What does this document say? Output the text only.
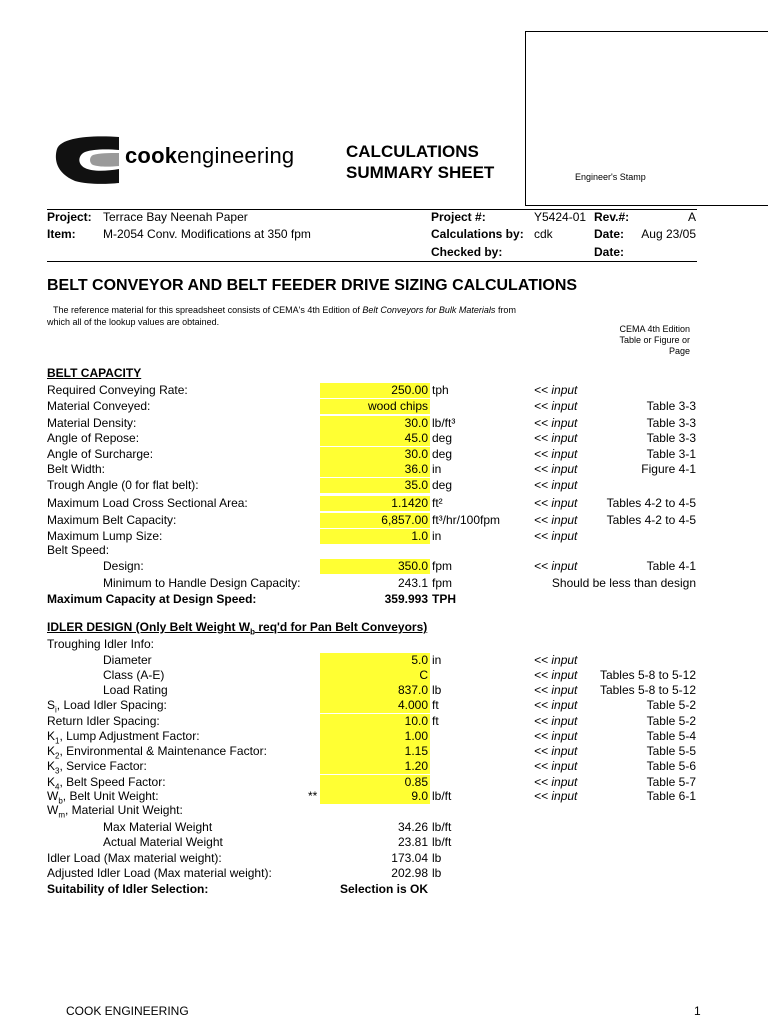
Engineer's Stamp
cookengineering	CALCULATIONS
SUMMARY SHEET
Project: Terrace Bay Neenah Paper
Item: M-2054 Conv. Modifications at 350 fpm
Project #:	Y5424-01 Rev.#:	A
Calculations by: cdk	Date: Aug 23/05
Checked by:	Date:
BELT CONVEYOR AND BELT FEEDER DRIVE SIZING CALCULATIONS
The reference material for this spreadsheet consists of CEMA's 4th Edition of Belt Conveyors for Bulk Materials from
which all of the lookup values are obtained.
CEMA 4th Edition
Table or Figure or
Page
BELT CAPACITY
Required Conveying Rate:	250.00 tph	<< input
Material Conveyed:	wood chips	<< input	Table 3-3
Material Density:	30.0 lb/ft³	<< input	Table 3-3
Angle of Repose:	45.0 deg	<< input	Table 3-3
Angle of Surcharge:	30.0 deg	<< input	Table 3-1
Belt Width:	36.0 in	<< input	Figure 4-1
Trough Angle (0 for flat belt):	35.0 deg	<< input
Maximum Load Cross Sectional Area:	1.1420 ft²	<< input Tables 4-2 to 4-5
Maximum Belt Capacity:	6,857.00 ft³/hr/100fpm	<< input Tables 4-2 to 4-5
Maximum Lump Size:	1.0 in	<< input
Belt Speed:
Design:	350.0 fpm	<< input	Table 4-1
Minimum to Handle Design Capacity:	243.1 fpm	Should be less than design
Maximum Capacity at Design Speed:	359.993 TPH
IDLER DESIGN (Only Belt Weight $W_b$ req'd for Pan Belt Conveyors)
Troughing Idler Info:
Diameter	5.0 in	<< input
Class (A-E)	C	<< input Tables 5-8 to 5-12
Load Rating	837.0 lb	<< input Tables 5-8 to 5-12
$S_i$, Load Idler Spacing:	4.000 ft	<< input	Table 5-2
Return Idler Spacing:	10.0 ft	<< input	Table 5-2
$K_1$, Lump Adjustment Factor:	1.00	<< input	Table 5-4
$K_2$, Environmental & Maintenance Factor:	1.15	<< input	Table 5-5
$K_3$, Service Factor:	1.20	<< input	Table 5-6
$K_4$, Belt Speed Factor:	0.85	<< input	Table 5-7
$W_b$, Belt Unit Weight:	**	9.0 lb/ft	<< input	Table 6-1
$W_m$, Material Unit Weight:
Max Material Weight	34.26 lb/ft
Actual Material Weight	23.81 lb/ft
Idler Load (Max material weight):	173.04 lb
Adjusted Idler Load (Max material weight):	202.98 lb
Suitability of Idler Selection:	Selection is OK
COOK ENGINEERING	1
